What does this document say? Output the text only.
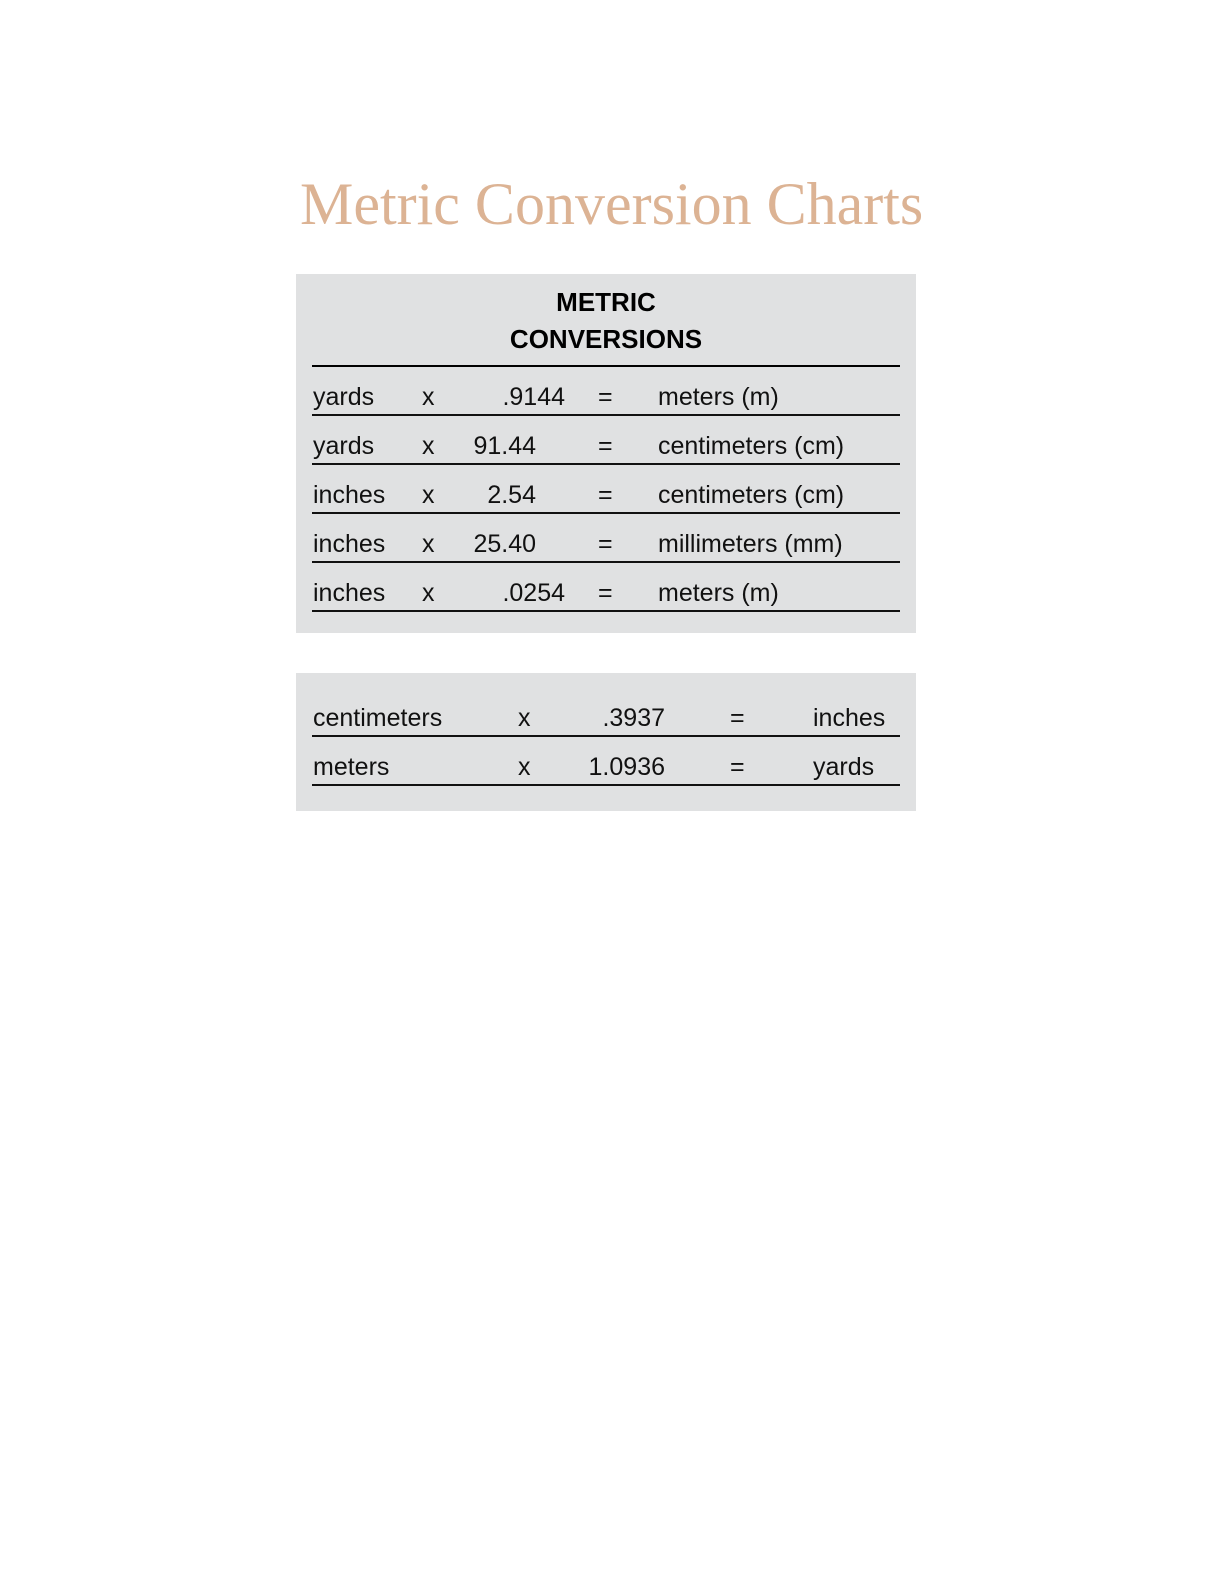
Metric Conversion Charts
METRIC
CONVERSIONS
yards x	.9144 = meters (m)
yards x	91.44 = centimeters (cm)
inches x	2.54 = centimeters (cm)
inches x	25.40 = millimeters (mm)
inches x	.0254 = meters (m)
centimeters	x	.3937	=	inches
meters	x	1.0936	=	yards
